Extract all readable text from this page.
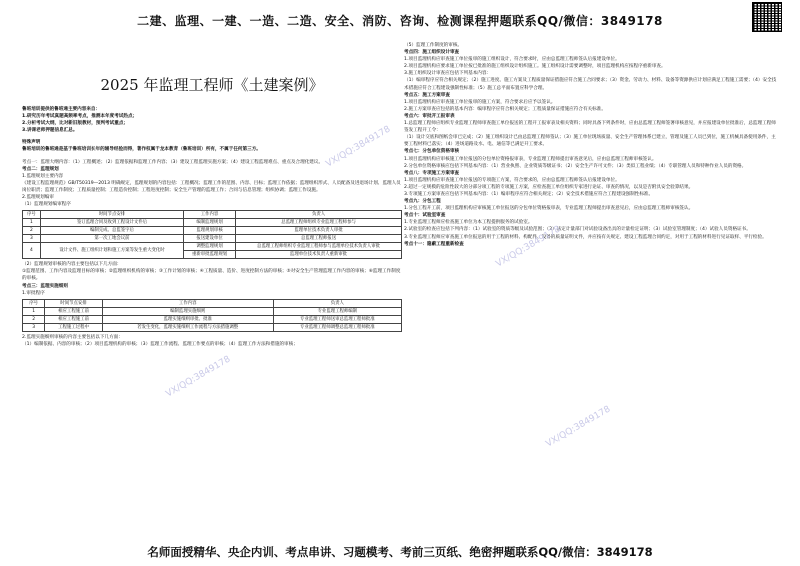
二建、监理、一建、一造、二造、安全、消防、咨询、检测课程押题联系QQ/微信：3849178
2025 年监理工程师《土建案例》

鲁班培训提供的鲁班通主要内容来自：

1.研究历年考试真题高频率考点，推测本年度考试热点；

2.分析考试大纲，比对新旧版教材，预判考试重点；

3.讲课老师押题信息汇总。

特殊声明

鲁班培训的鲁班通是基于鲁班培训长年的辅导经验而得，著作权属于龙本教育（鲁班培训）所有，不属于任何第三方。

考点一：监理大纲内容：（1）工程概述；（2）监理依据和监理工作内容；（3）建设工程监理实施方案；（4）建设工程监理难点、重点及合理化建议。

考点二：监理规划

1.监理规划主要内容

《建设工程监理规范》GB/T50319—2013 明确规定，监理规划的内容包括：工程概况；监理工作的范围、内容、目标；监理工作依据；监理组织形式、人员配备及进退场计划、监理人员岗位职责；监理工作制度；工程质量控制；工程造价控制；工程进度控制；安全生产管理的监理工作；合同与信息管理；组织协调；监理工作设施。

2.监理规划编审

（1）监理规划编审程序

序号	时间节点安排	工作内容	负责人
1	签订监理合同及收到工程设计文件后	编制监理规划	总监理工程师组织专业监理工程师参与
2	编制完成、总监签字后	监理规划审核	监理单位技术负责人审批
3	第一次工地会议前	报送建设单位	总监理工程师报送
4	设计文件、施工组织计划和施工方案等发生重大变化时	调整监理规划	总监理工程师组织专业监理工程师参与监理单位技术负责人审批
		重新审批监理规划	监理单位技术负责人重新审批

（2）监理规划审核的内容主要包括以下几方面：

①监理范围、工作内容及监理目标的审核；②监理组织机构的审核；③工作计划的审核；④工程质量、造价、进度控制方法的审核；⑤对安全生产管理监理工作内容的审核；⑥监理工作制度的审核。

考点三：监理实施细则

1.审批程序

序号	时间节点安排	工作内容	负责人
1	相应工程施工前	编制监理实施细则	专业监理工程师编制
2	相应工程施工前	监理实施细则审批、批准	专业监理工程师送审总监理工程师批准
3	工程施工过程中	若发生变化，监理实施细则工作流程与方法措施调整	专业监理工程师调整总监理工程师批准

2.监理实施细则审核的内容主要包括以下几方面：

（1）编制依据、内容的审核；（2）项目监理机构的审核；（3）监理工作流程、监理工作要点的审核；（4）监理工作方法和措施的审核；

（5）监理工作制度的审核。

考点四：施工组织设计审查

1.项目监理机构应审查施工单位报审的施工组织设计，符合要求时，应由总监理工程师签认后报建设单位。

2.项目监理机构应要求施工单位按已批准的施工组织设计组织施工。施工组织设计需要调整时，项目监理机构应按程序重新审查。

3.施工组织设计审查应包括下列基本内容：

（1）编审程序应符合相关规定；（2）施工进度、施工方案及工程质量保证措施应符合施工合同要求；（3）资金、劳动力、材料、设备等资源供应计划应满足工程施工需要；（4）安全技术措施应符合工程建设强制性标准；（5）施工总平面布置应科学合理。

考点五：施工方案审查

1.项目监理机构应审查施工单位报审的施工方案，符合要求后应予以签认。

2.施工方案审查应包括的基本内容：编审程序应符合相关规定；工程质量保证措施应符合有关标准。

考点六：审批开工报审表

1.总监理工程师应组织专业监理工程师审查施工单位报送的工程开工报审表及相关资料；同时具备下列条件时，应由总监理工程师签署审核意见，并应报建设单位批准后，总监理工程师签发工程开工令：

（1）设计交底和图纸会审已完成；（2）施工组织设计已由总监理工程师签认；（3）施工单位现场质量、安全生产管理体系已建立，管理及施工人员已到位，施工机械具备使用条件，主要工程材料已落实；（4）进场道路及水、电、通信等已满足开工要求。

考点七：分包单位资格审核

1.项目监理机构应审核施工单位报送的分包单位资格报审表，专业监理工程师提出审查意见后，应由总监理工程师审核签认。

2.分包单位资格审核应包括下列基本内容：（1）营业执照、企业资质等级证书；（2）安全生产许可文件；（3）类似工程业绩；（4）专职管理人员和特种作业人员的资格。

考点八：专项施工方案审查

1.项目监理机构应审查施工单位报送的专项施工方案，符合要求的，应由总监理工程师签认后报建设单位。

2.超过一定规模的危险性较大的分部分项工程的专项施工方案，应检查施工单位组织专家进行论证、审查的情况，以及是否附具安全验算结果。

3.专项施工方案审查应包括下列基本内容：（1）编审程序应符合相关规定；（2）安全技术措施应符合工程建设强制性标准。

考点九：分包工程

1.分包工程开工前，项目监理机构应审核施工单位报送的分包单位资格报审表，专业监理工程师提出审查意见后，应由总监理工程师审核签认。

考点十：试验室审查

1.专业监理工程师应检查施工单位为本工程提供服务的试验室。

2.试验室的检查应包括下列内容：（1）试验室的资质等级及试验范围；（2）法定计量部门对试验设备出具的计量检定证明；（3）试验室管理制度；（4）试验人员资格证书。

3.专业监理工程师应审查施工单位报送的用于工程的材料、构配件、设备的质量证明文件，并应按有关规定、建设工程监理合同约定，对用于工程的材料进行见证取样、平行检验。

考点十一：隐蔽工程重新检查

VX/QQ:3849178
VX/QQ:3849178
VX/QQ:3849178
VX/QQ:3849178
名师面授精华、央企内训、考点串讲、习题模考、考前三页纸、绝密押题联系QQ/微信：3849178
